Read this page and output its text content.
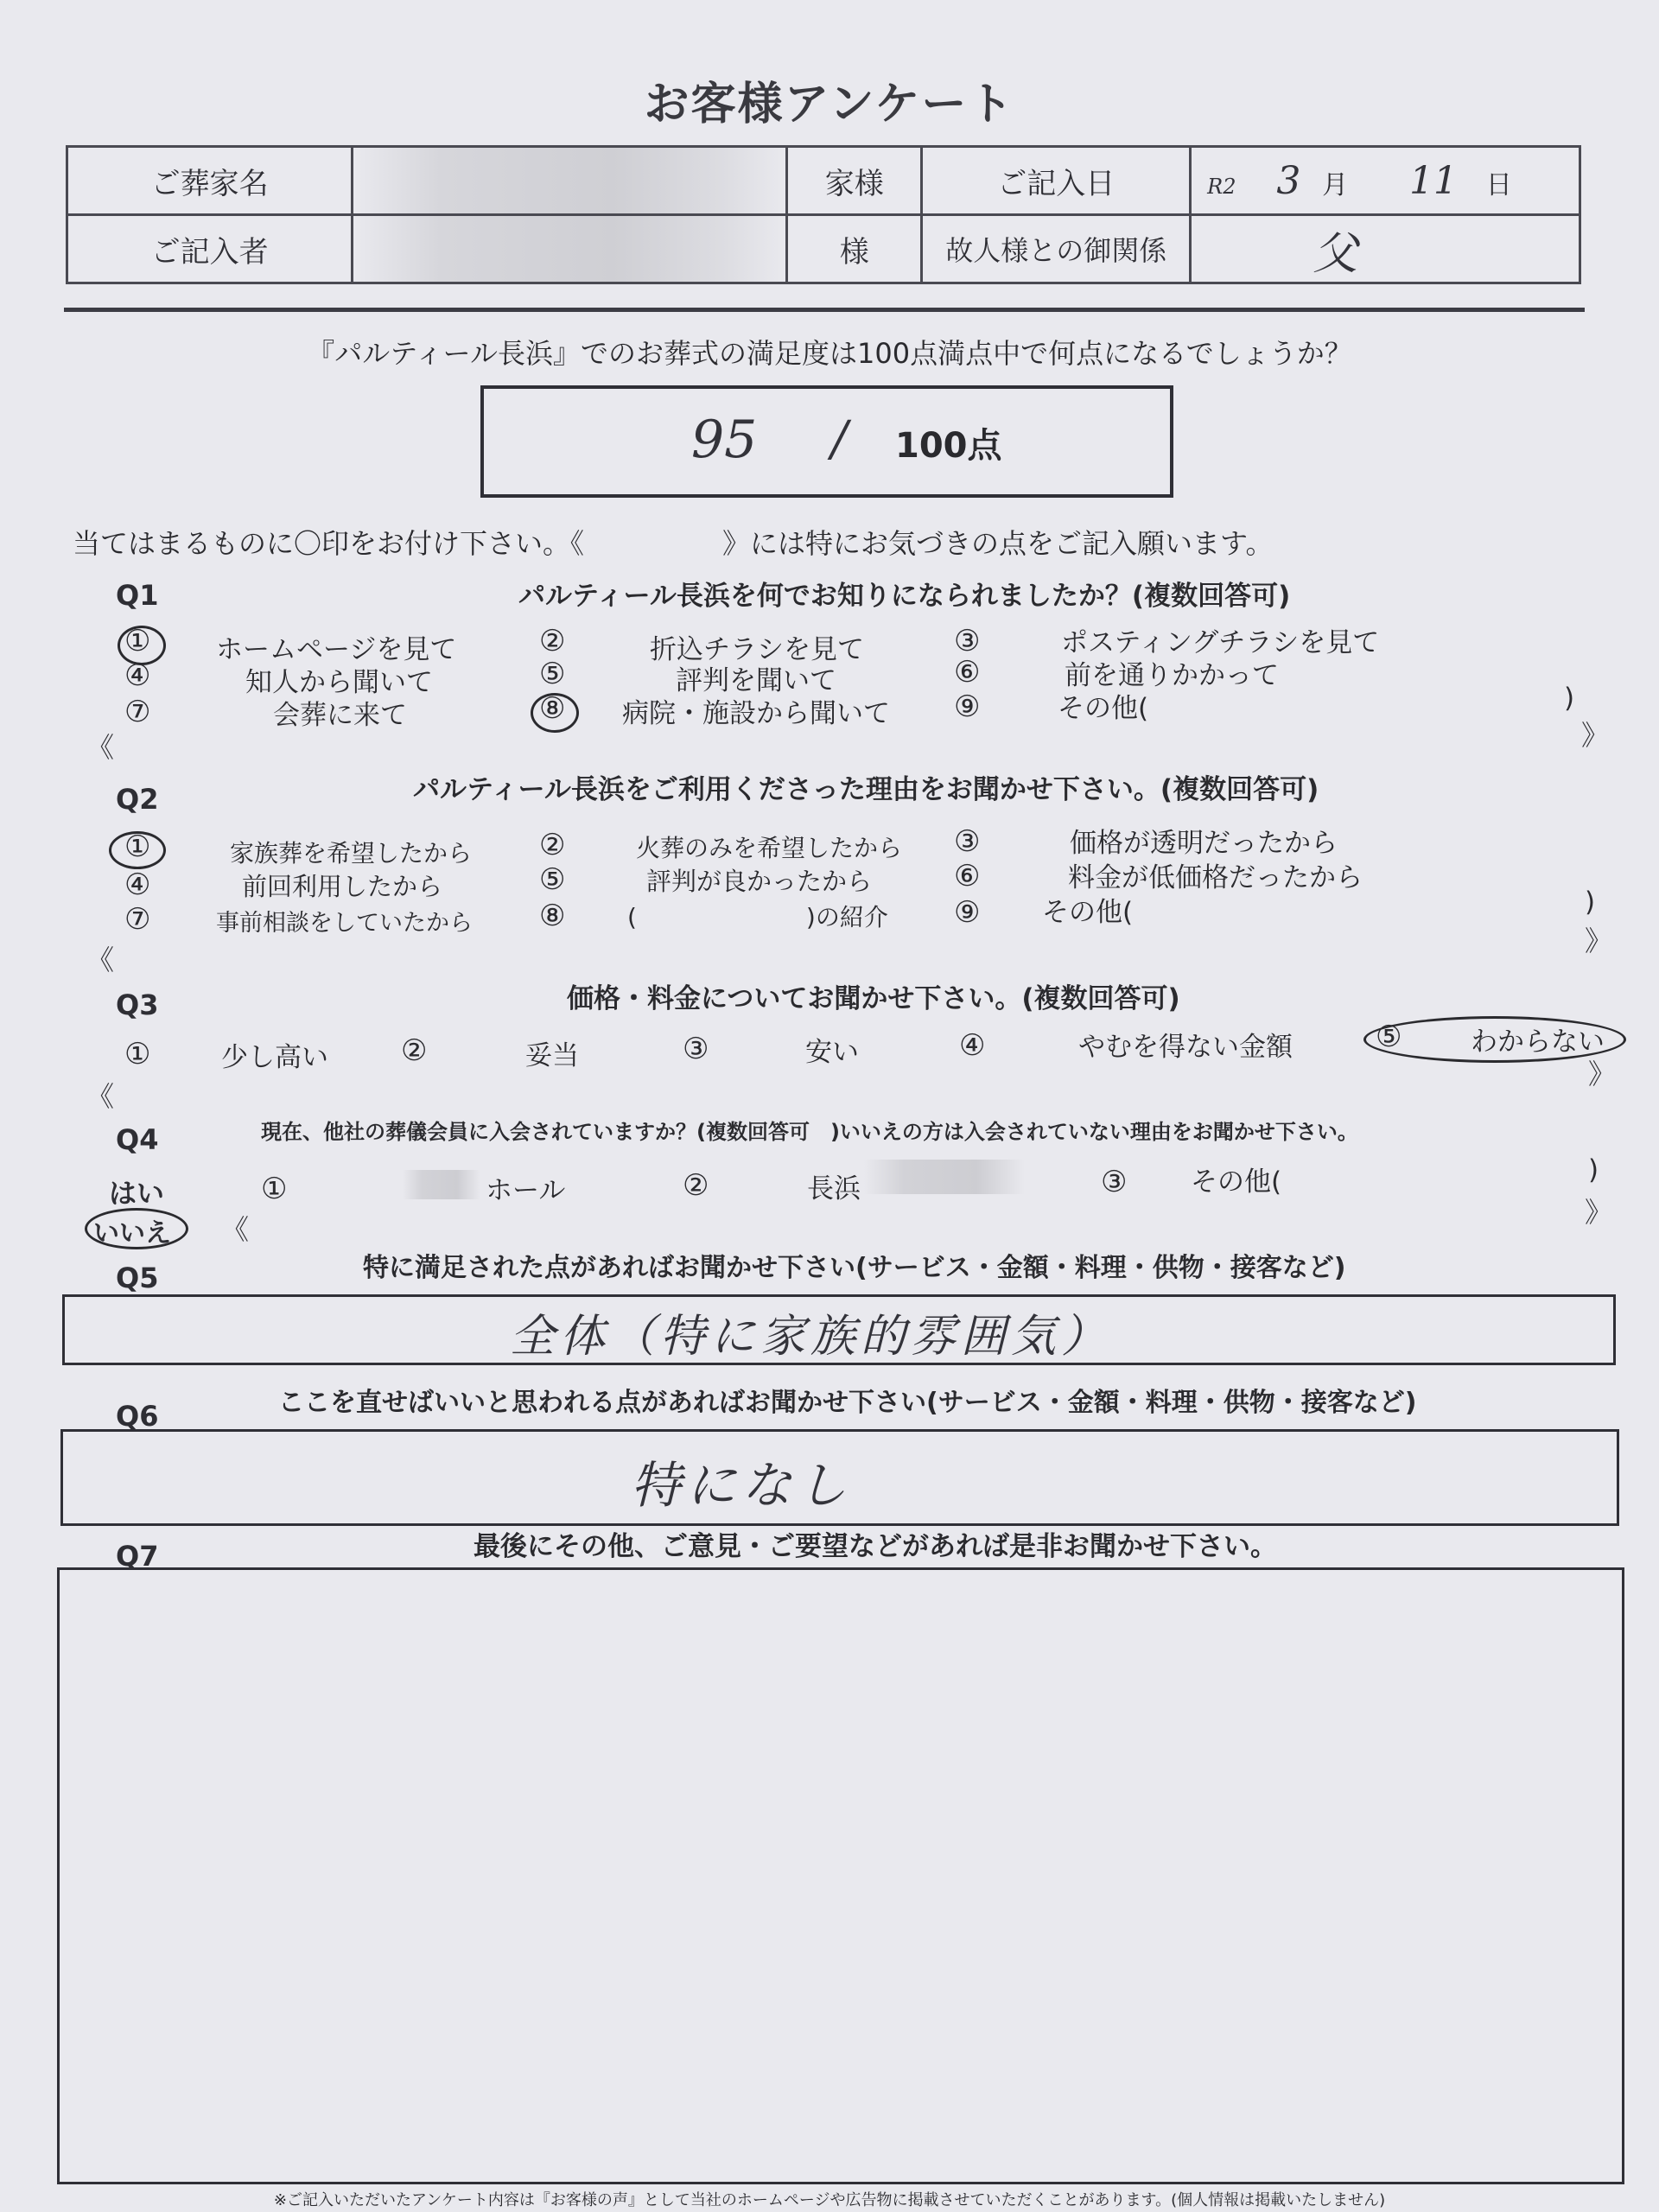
お客様アンケート
ご葬家名		家様	ご記入日	R2 3 月 11 日
ご記入者		様	故人様との御関係	父
『パルティール長浜』でのお葬式の満足度は100点満点中で何点になるでしょうか？
95 / 100点
当てはまるものに〇印をお付け下さい。《　　　　　》には特にお気づきの点をご記入願います。
Q1	パルティール長浜を何でお知りになられましたか？(複数回答可)
① ホームページを見て	②	折込チラシを見て	③	ポスティングチラシを見て
④	知人から聞いて	⑤	評判を聞いて	⑥	前を通りかかって
⑦	会葬に来て	⑧ 病院・施設から聞いて ⑨	その他(	)
《	》
Q2	パルティール長浜をご利用くださった理由をお聞かせ下さい。(複数回答可)
①	家族葬を希望したから ②	火葬のみを希望したから ③	価格が透明だったから
④	前回利用したから	⑤	評判が良かったから	⑥	料金が低価格だったから
⑦	事前相談をしていたから ⑧	(　　　　　　　)の紹介 ⑨ その他(	)
《
》
Q3	価格・料金についてお聞かせ下さい。(複数回答可)
①	少し高い ②	妥当	③	安い	④	やむを得ない金額	⑤	わからない
《
》
Q4	現在、他社の葬儀会員に入会されていますか？(複数回答可　)いいえの方は入会されていない理由をお聞かせ下さい。
はい
いいえ
①	ホール	②	長浜	③ その他(	)
《
》
Q5	特に満足された点があればお聞かせ下さい(サービス・金額・料理・供物・接客など)
全体（特に家族的雰囲気）
Q6	ここを直せばいいと思われる点があればお聞かせ下さい(サービス・金額・料理・供物・接客など)
特になし
Q7	最後にその他、ご意見・ご要望などがあれば是非お聞かせ下さい。
※ご記入いただいたアンケート内容は『お客様の声』として当社のホームページや広告物に掲載させていただくことがあります。(個人情報は掲載いたしません)
